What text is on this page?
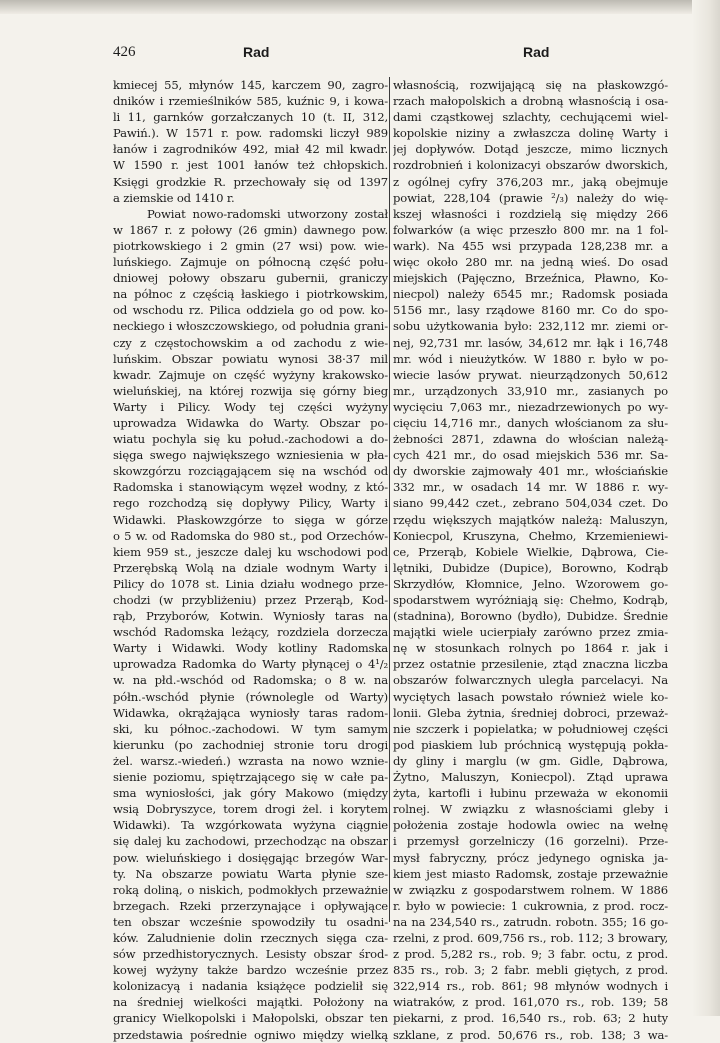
426	Rad	Rad
kmiecej 55, młynów 145, karczem 90, zagro-
dników i rzemieślników 585, kuźnic 9, i kowa-
li 11, garnków gorzałczanych 10 (t. II, 312,
Pawiń.). W 1571 r. pow. radomski liczył 989
łanów i zagrodników 492, miał 42 mil kwadr.
W 1590 r. jest 1001 łanów też chłopskich.
Księgi grodzkie R. przechowały się od 1397
a ziemskie od 1410 r.
Powiat nowo-radomski utworzony został
w 1867 r. z połowy (26 gmin) dawnego pow.
piotrkowskiego i 2 gmin (27 wsi) pow. wie-
luńskiego. Zajmuje on północną część połu-
dniowej połowy obszaru gubernii, graniczy
na północ z częścią łaskiego i piotrkowskim,
od wschodu rz. Pilica oddziela go od pow. ko-
neckiego i włoszczowskiego, od południa grani-
czy z częstochowskim a od zachodu z wie-
luńskim. Obszar powiatu wynosi 38·37 mil
kwadr. Zajmuje on część wyżyny krakowsko-
wieluńskiej, na której rozwija się górny bieg
Warty i Pilicy. Wody tej części wyżyny
uprowadza Widawka do Warty. Obszar po-
wiatu pochyla się ku połud.-zachodowi a do-
sięga swego największego wzniesienia w pła-
skowzgórzu rozciągającem się na wschód od
Radomska i stanowiącym węzeł wodny, z któ-
rego rozchodzą się dopływy Pilicy, Warty i
Widawki. Płaskowzgórze to sięga w górze
o 5 w. od Radomska do 980 st., pod Orzechów-
kiem 959 st., jeszcze dalej ku wschodowi pod
Przerębską Wolą na dziale wodnym Warty i
Pilicy do 1078 st. Linia działu wodnego prze-
chodzi (w przybliżeniu) przez Przerąb, Kod-
rąb, Przyborów, Kotwin. Wyniosły taras na
wschód Radomska leżący, rozdziela dorzecza
Warty i Widawki. Wody kotliny Radomska
uprowadza Radomka do Warty płynącej o 4¹/₂
w. na płd.-wschód od Radomska; o 8 w. na
półn.-wschód płynie (równolegle od Warty)
Widawka, okrążająca wyniosły taras radom-
ski, ku północ.-zachodowi. W tym samym
kierunku (po zachodniej stronie toru drogi
żel. warsz.-wiedeń.) wzrasta na nowo wznie-
sienie poziomu, spiętrzającego się w całe pa-
sma wyniosłości, jak góry Makowo (między
wsią Dobryszyce, torem drogi żel. i korytem
Widawki). Ta wzgórkowata wyżyna ciągnie
się dalej ku zachodowi, przechodząc na obszar
pow. wieluńskiego i dosięgając brzegów War-
ty. Na obszarze powiatu Warta płynie sze-
roką doliną, o niskich, podmokłych przeważnie
brzegach. Rzeki przerzynające i opływające
ten obszar wcześnie spowodziły tu osadni-
ków. Zaludnienie dolin rzecznych sięga cza-
sów przedhistorycznych. Lesisty obszar środ-
kowej wyżyny także bardzo wcześnie przez
kolonizacyą i nadania książęce podzielił się
na średniej wielkości majątki. Położony na
granicy Wielkopolski i Małopolski, obszar ten
przedstawia pośrednie ogniwo między wielką
własnością, rozwijającą się na płaskowzgó-
rzach małopolskich a drobną własnością i osa-
dami cząstkowej szlachty, cechującemi wiel-
kopolskie niziny a zwłaszcza dolinę Warty i
jej dopływów. Dotąd jeszcze, mimo licznych
rozdrobnień i kolonizacyi obszarów dworskich,
z ogólnej cyfry 376,203 mr., jaką obejmuje
powiat, 228,104 (prawie ²/₃) należy do wię-
kszej własności i rozdzielą się między 266
folwarków (a więc przeszło 800 mr. na 1 fol-
wark). Na 455 wsi przypada 128,238 mr. a
więc około 280 mr. na jedną wieś. Do osad
miejskich (Pajęczno, Brzeźnica, Pławno, Ko-
niecpol) należy 6545 mr.; Radomsk posiada
5156 mr., lasy rządowe 8160 mr. Co do spo-
sobu użytkowania było: 232,112 mr. ziemi or-
nej, 92,731 mr. lasów, 34,612 mr. łąk i 16,748
mr. wód i nieużytków. W 1880 r. było w po-
wiecie lasów prywat. nieurządzonych 50,612
mr., urządzonych 33,910 mr., zasianych po
wycięciu 7,063 mr., niezadrzewionych po wy-
cięciu 14,716 mr., danych włościanom za słu-
żebności 2871, zdawna do włościan należą-
cych 421 mr., do osad miejskich 536 mr. Sa-
dy dworskie zajmowały 401 mr., włościańskie
332 mr., w osadach 14 mr. W 1886 r. wy-
siano 99,442 czet., zebrano 504,034 czet. Do
rzędu większych majątków należą: Maluszyn,
Koniecpol, Kruszyna, Chełmo, Krzemieniewi-
ce, Przerąb, Kobiele Wielkie, Dąbrowa, Cie-
lętniki, Dubidze (Dupice), Borowno, Kodrąb
Skrzydłów, Kłomnice, Jelno. Wzorowem go-
spodarstwem wyróżniają się: Chełmo, Kodrąb,
(stadnina), Borowno (bydło), Dubidze. Średnie
majątki wiele ucierpiały zarówno przez zmia-
nę w stosunkach rolnych po 1864 r. jak i
przez ostatnie przesilenie, ztąd znaczna liczba
obszarów folwarcznych uległa parcelacyi. Na
wyciętych lasach powstało również wiele ko-
lonii. Gleba żytnia, średniej dobroci, przeważ-
nie szczerk i popielatka; w południowej części
pod piaskiem lub próchnicą występują pokła-
dy gliny i marglu (w gm. Gidle, Dąbrowa,
Żytno, Maluszyn, Koniecpol). Ztąd uprawa
żyta, kartofli i łubinu przeważa w ekonomii
rolnej. W związku z własnościami gleby i
położenia zostaje hodowla owiec na wełnę
i przemysł gorzelniczy (16 gorzelni). Prze-
mysł fabryczny, prócz jedynego ogniska ja-
kiem jest miasto Radomsk, zostaje przeważnie
w związku z gospodarstwem rolnem. W 1886
r. było w powiecie: 1 cukrownia, z prod. rocz-
na na 234,540 rs., zatrudn. robotn. 355; 16 go-
rzelni, z prod. 609,756 rs., rob. 112; 3 browary,
z prod. 5,282 rs., rob. 9; 3 fabr. octu, z prod.
835 rs., rob. 3; 2 fabr. mebli giętych, z prod.
322,914 rs., rob. 861; 98 młynów wodnych i
wiatraków, z prod. 161,070 rs., rob. 139; 58
piekarni, z prod. 16,540 rs., rob. 63; 2 huty
szklane, z prod. 50,676 rs., rob. 138; 3 wa-
